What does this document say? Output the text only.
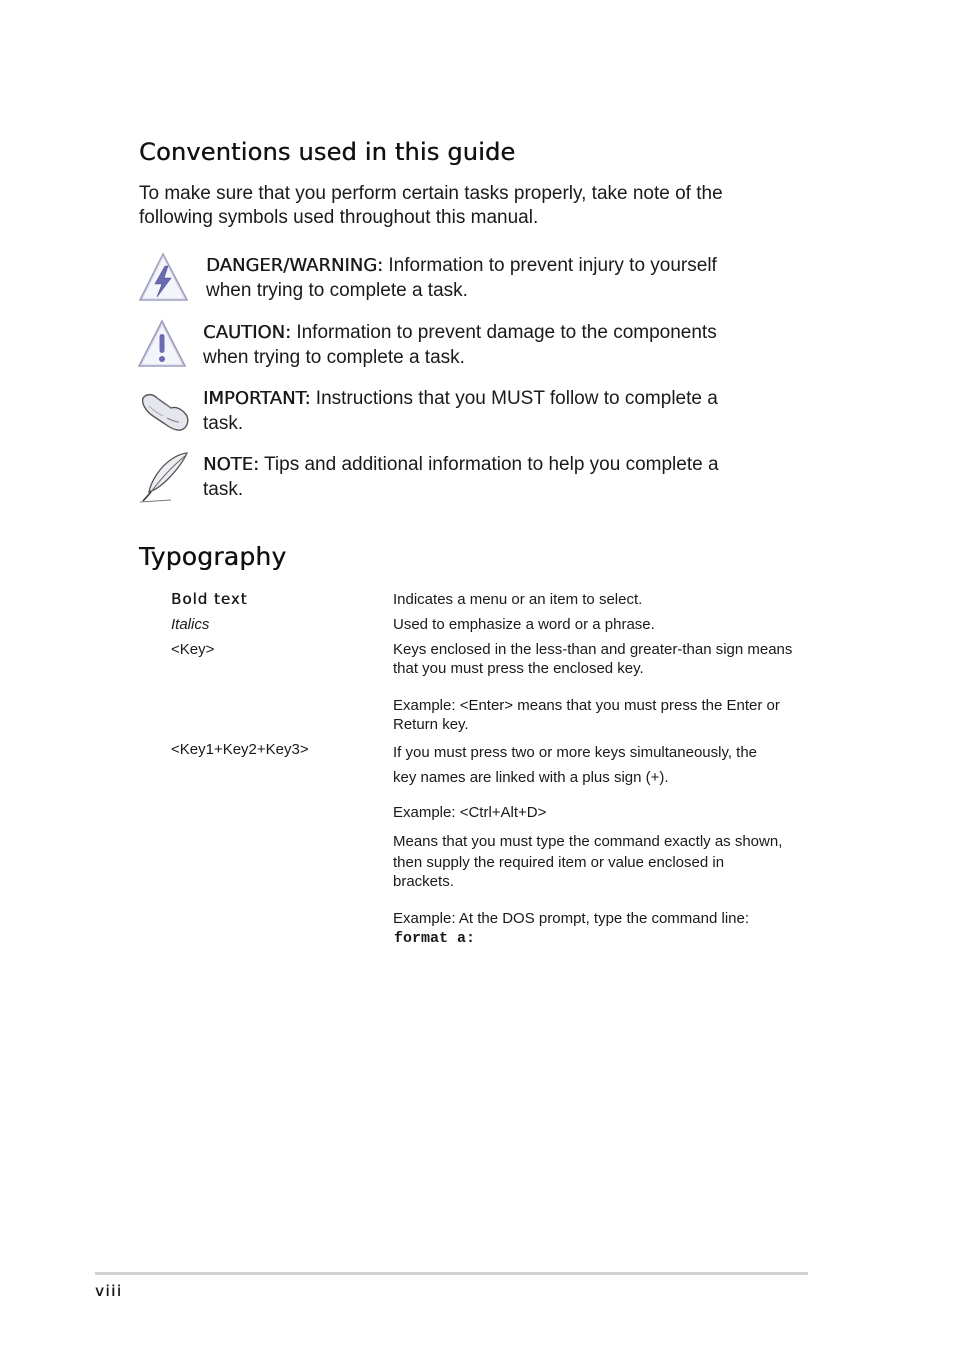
Conventions used in this guide
To make sure that you perform certain tasks properly, take note of the
following symbols used throughout this manual.
DANGER/WARNING: Information to prevent injury to yourself
when trying to complete a task.
CAUTION: Information to prevent damage to the components
when trying to complete a task.
IMPORTANT: Instructions that you MUST follow to complete a
task.
NOTE: Tips and additional information to help you complete a
task.
Typography
Bold text	Indicates a menu or an item to select.
Italics	Used to emphasize a word or a phrase.
<Key>	Keys enclosed in the less-than and greater-than sign means
that you must press the enclosed key.
Example: <Enter> means that you must press the Enter or
Return key.
<Key1+Key2+Key3>	If you must press two or more keys simultaneously, the
key names are linked with a plus sign (+).
Example: <Ctrl+Alt+D>
Means that you must type the command exactly as shown,
then supply the required item or value enclosed in
brackets.
Example: At the DOS prompt, type the command line:
format a:
viii
